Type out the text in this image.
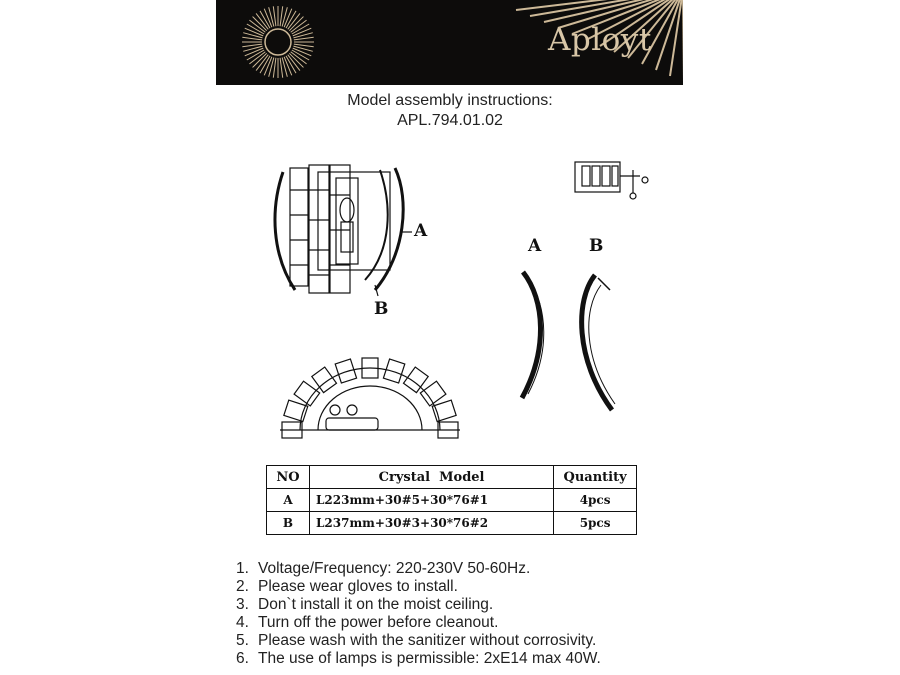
Aployt
Model assembly instructions:
APL.794.01.02
A
B
A	B
NO	Crystal  Model	Quantity
A	L223mm+30#5+30*76#1	4pcs
B	L237mm+30#3+30*76#2	5pcs
1. Voltage/Frequency: 220-230V 50-60Hz.
2. Please wear gloves to install.
3. Don`t install it on the moist ceiling.
4. Turn off the power before cleanout.
5. Please wash with the sanitizer without corrosivity.
6. The use of lamps is permissible: 2xE14 max 40W.
